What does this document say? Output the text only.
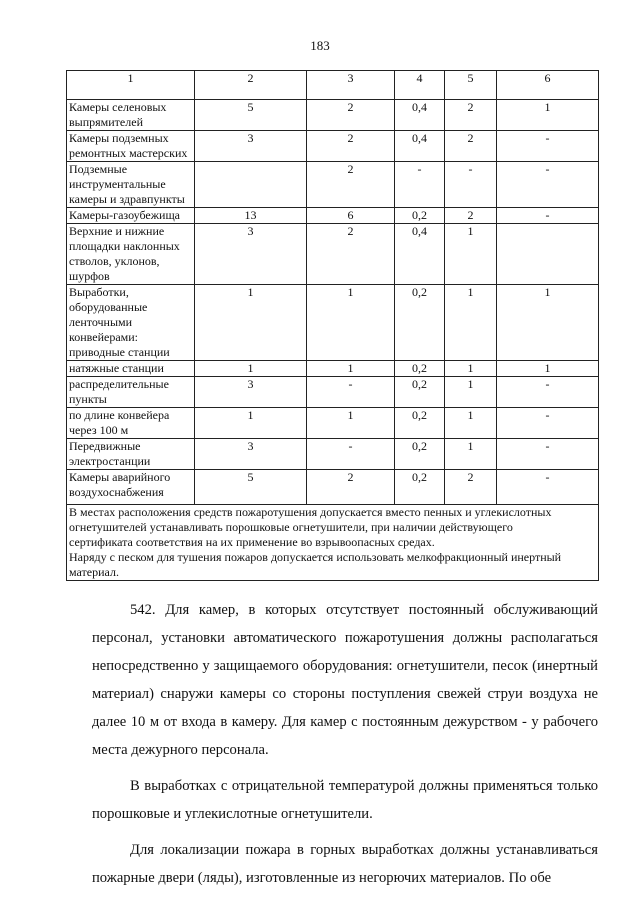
183
1	2	3	4	5	6

Камеры селеновых
выпрямителей	5	2	0,4	2	1

Камеры подземных
ремонтных мастерских	3	2	0,4	2	-

Подземные
инструментальные
камеры и здравпункты		2	-	-	-

Камеры-газоубежища	13	6	0,2	2	-

Верхние и нижние
площадки наклонных
стволов, уклонов,
шурфов	3	2	0,4	1	

Выработки,
оборудованные
ленточными
конвейерами:
приводные станции	1	1	0,2	1	1

натяжные станции	1	1	0,2	1	1

распределительные
пункты	3	-	0,2	1	-

по длине конвейера
через 100 м	1	1	0,2	1	-

Передвижные
электростанции	3	-	0,2	1	-

Камеры аварийного
воздухоснабжения	5	2	0,2	2	-

В местах расположения средств пожаротушения допускается вместо пенных и углекислотных
огнетушителей устанавливать порошковые огнетушители, при наличии действующего
сертификата соответствия на их применение во взрывоопасных средах.
Наряду с песком для тушения пожаров допускается использовать мелкофракционный инертный
материал.					

542. Для камер, в которых отсутствует постоянный обслуживающий персонал, установки автоматического пожаротушения должны располагаться непосредственно у защищаемого оборудования: огнетушители, песок (инертный материал) снаружи камеры со стороны поступления свежей струи воздуха не далее 10 м от входа в камеру. Для камер с постоянным дежурством - у рабочего места дежурного персонала.

В выработках с отрицательной температурой должны применяться только порошковые и углекислотные огнетушители.

Для локализации пожара в горных выработках должны устанавливаться пожарные двери (ляды), изготовленные из негорючих материалов. По обе
